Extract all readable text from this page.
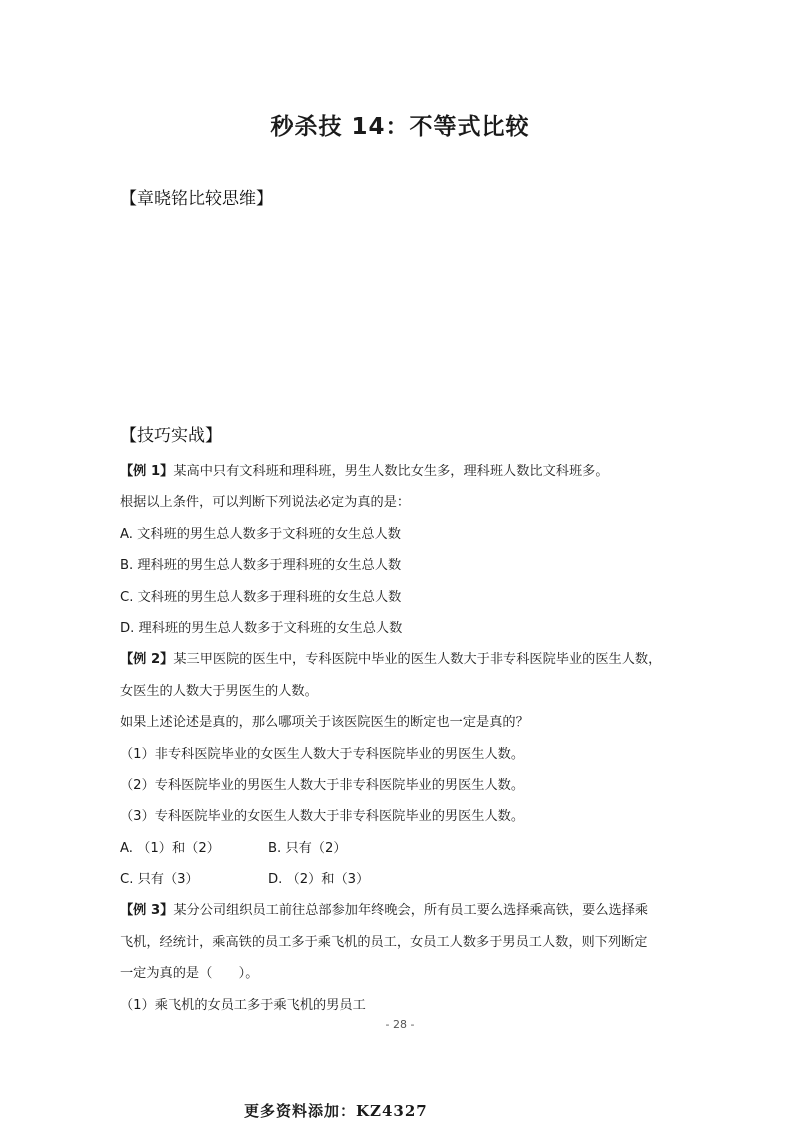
秒杀技 14：不等式比较
【章晓铭比较思维】
【技巧实战】
【例 1】某高中只有文科班和理科班，男生人数比女生多，理科班人数比文科班多。
根据以上条件，可以判断下列说法必定为真的是：
A. 文科班的男生总人数多于文科班的女生总人数
B. 理科班的男生总人数多于理科班的女生总人数
C. 文科班的男生总人数多于理科班的女生总人数
D. 理科班的男生总人数多于文科班的女生总人数
【例 2】某三甲医院的医生中，专科医院中毕业的医生人数大于非专科医院毕业的医生人数，
女医生的人数大于男医生的人数。
如果上述论述是真的，那么哪项关于该医院医生的断定也一定是真的？
（1）非专科医院毕业的女医生人数大于专科医院毕业的男医生人数。
（2）专科医院毕业的男医生人数大于非专科医院毕业的男医生人数。
（3）专科医院毕业的女医生人数大于非专科医院毕业的男医生人数。
A. （1）和（2）	B. 只有（2）
C. 只有（3）	D. （2）和（3）
【例 3】某分公司组织员工前往总部参加年终晚会，所有员工要么选择乘高铁，要么选择乘
飞机，经统计，乘高铁的员工多于乘飞机的员工，女员工人数多于男员工人数，则下列断定
一定为真的是（　　）。
（1）乘飞机的女员工多于乘飞机的男员工
- 28 -
更多资料添加：KZ4327
